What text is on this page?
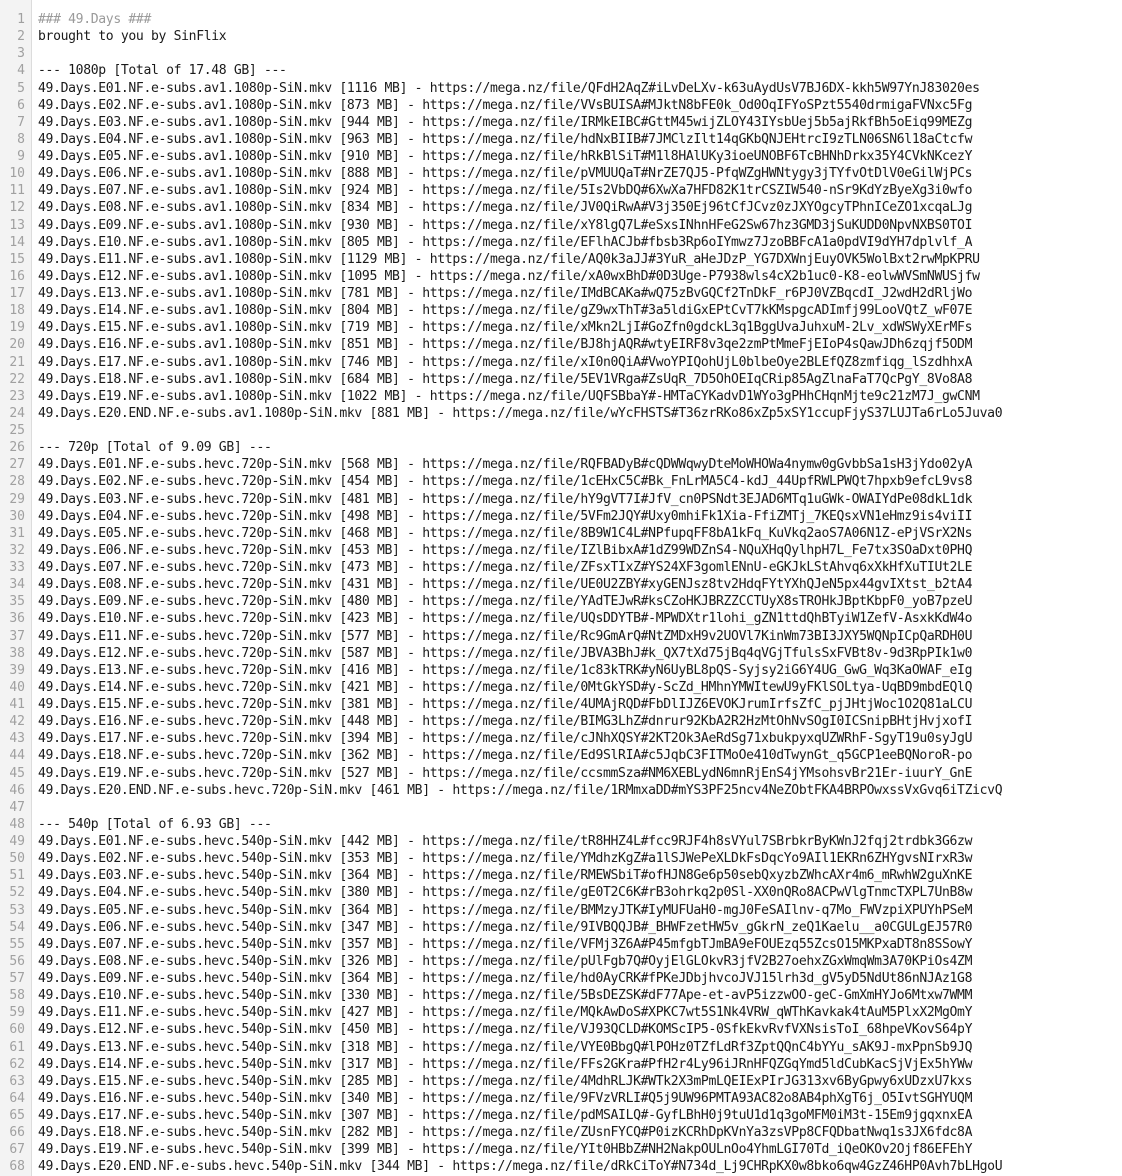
1
2
3
4
5
6
7
8
9
10
11
12
13
14
15
16
17
18
19
20
21
22
23
24
25
26
27
28
29
30
31
32
33
34
35
36
37
38
39
40
41
42
43
44
45
46
47
48
49
50
51
52
53
54
55
56
57
58
59
60
61
62
63
64
65
66
67
68
### 49.Days ###
brought to you by SinFlix
--- 1080p [Total of 17.48 GB] ---
49.Days.E01.NF.e-subs.av1.1080p-SiN.mkv [1116 MB] - https://mega.nz/file/QFdH2AqZ#iLvDeLXv-k63uAydUsV7BJ6DX-kkh5W97YnJ83020es
49.Days.E02.NF.e-subs.av1.1080p-SiN.mkv [873 MB] - https://mega.nz/file/VVsBUISA#MJktN8bFE0k_Od0OqIFYoSPzt5540drmigaFVNxc5Fg
49.Days.E03.NF.e-subs.av1.1080p-SiN.mkv [944 MB] - https://mega.nz/file/IRMkEIBC#GttM45wijZLOY43IYsbUej5b5ajRkfBh5oEiq99MEZg
49.Days.E04.NF.e-subs.av1.1080p-SiN.mkv [963 MB] - https://mega.nz/file/hdNxBIIB#7JMClzIlt14qGKbQNJEHtrcI9zTLN06SN6l18aCtcfw
49.Days.E05.NF.e-subs.av1.1080p-SiN.mkv [910 MB] - https://mega.nz/file/hRkBlSiT#M1l8HAlUKy3ioeUNOBF6TcBHNhDrkx35Y4CVkNKcezY
49.Days.E06.NF.e-subs.av1.1080p-SiN.mkv [888 MB] - https://mega.nz/file/pVMUUQaT#NrZE7QJ5-PfqWZgHWNtygy3jTYfvOtDlV0eGilWjPCs
49.Days.E07.NF.e-subs.av1.1080p-SiN.mkv [924 MB] - https://mega.nz/file/5Is2VbDQ#6XwXa7HFD82K1trCSZIW540-nSr9KdYzByeXg3i0wfo
49.Days.E08.NF.e-subs.av1.1080p-SiN.mkv [834 MB] - https://mega.nz/file/JV0QiRwA#V3j350Ej96tCfJCvz0zJXYOgcyTPhnICeZO1xcqaLJg
49.Days.E09.NF.e-subs.av1.1080p-SiN.mkv [930 MB] - https://mega.nz/file/xY8lgQ7L#eSxsINhnHFeG2Sw67hz3GMD3jSuKUDD0NpvNXBS0TOI
49.Days.E10.NF.e-subs.av1.1080p-SiN.mkv [805 MB] - https://mega.nz/file/EFlhACJb#fbsb3Rp6oIYmwz7JzoBBFcA1a0pdVI9dYH7dplvlf_A
49.Days.E11.NF.e-subs.av1.1080p-SiN.mkv [1129 MB] - https://mega.nz/file/AQ0k3aJJ#3YuR_aHeJDzP_YG7DXWnjEuyOVK5WolBxt2rwMpKPRU
49.Days.E12.NF.e-subs.av1.1080p-SiN.mkv [1095 MB] - https://mega.nz/file/xA0wxBhD#0D3Uge-P7938wls4cX2b1uc0-K8-eolwWVSmNWUSjfw
49.Days.E13.NF.e-subs.av1.1080p-SiN.mkv [781 MB] - https://mega.nz/file/IMdBCAKa#wQ75zBvGQCf2TnDkF_r6PJ0VZBqcdI_J2wdH2dRljWo
49.Days.E14.NF.e-subs.av1.1080p-SiN.mkv [804 MB] - https://mega.nz/file/gZ9wxThT#3a5ldiGxEPtCvT7kKMspgcADImfj99LooVQtZ_wF07E
49.Days.E15.NF.e-subs.av1.1080p-SiN.mkv [719 MB] - https://mega.nz/file/xMkn2LjI#GoZfn0gdckL3q1BggUvaJuhxuM-2Lv_xdWSWyXErMFs
49.Days.E16.NF.e-subs.av1.1080p-SiN.mkv [851 MB] - https://mega.nz/file/BJ8hjAQR#wtyEIRF8v3qe2zmPtMmeFjEIoP4sQawJDh6zqjf5ODM
49.Days.E17.NF.e-subs.av1.1080p-SiN.mkv [746 MB] - https://mega.nz/file/xI0n0QiA#VwoYPIQohUjL0blbeOye2BLEfQZ8zmfiqg_lSzdhhxA
49.Days.E18.NF.e-subs.av1.1080p-SiN.mkv [684 MB] - https://mega.nz/file/5EV1VRga#ZsUqR_7D5OhOEIqCRip85AgZlnaFaT7QcPgY_8Vo8A8
49.Days.E19.NF.e-subs.av1.1080p-SiN.mkv [1022 MB] - https://mega.nz/file/UQFSBbaY#-HMTaCYKadvD1WYo3gPHhCHqnMjte9c21zM7J_gwCNM
49.Days.E20.END.NF.e-subs.av1.1080p-SiN.mkv [881 MB] - https://mega.nz/file/wYcFHSTS#T36zrRKo86xZp5xSY1ccupFjyS37LUJTa6rLo5Juva0
--- 720p [Total of 9.09 GB] ---
49.Days.E01.NF.e-subs.hevc.720p-SiN.mkv [568 MB] - https://mega.nz/file/RQFBADyB#cQDWWqwyDteMoWHOWa4nymw0gGvbbSa1sH3jYdo02yA
49.Days.E02.NF.e-subs.hevc.720p-SiN.mkv [454 MB] - https://mega.nz/file/1cEHxC5C#Bk_FnLrMA5C4-kdJ_44UpfRWLPWQt7hpxb9efcL9vs8
49.Days.E03.NF.e-subs.hevc.720p-SiN.mkv [481 MB] - https://mega.nz/file/hY9gVT7I#JfV_cn0PSNdt3EJAD6MTq1uGWk-OWAIYdPe08dkL1dk
49.Days.E04.NF.e-subs.hevc.720p-SiN.mkv [498 MB] - https://mega.nz/file/5VFm2JQY#Uxy0mhiFk1Xia-FfiZMTj_7KEQsxVN1eHmz9is4viII
49.Days.E05.NF.e-subs.hevc.720p-SiN.mkv [468 MB] - https://mega.nz/file/8B9W1C4L#NPfupqFF8bA1kFq_KuVkq2aoS7A06N1Z-ePjVSrX2Ns
49.Days.E06.NF.e-subs.hevc.720p-SiN.mkv [453 MB] - https://mega.nz/file/IZlBibxA#1dZ99WDZnS4-NQuXHqQylhpH7L_Fe7tx3SOaDxt0PHQ
49.Days.E07.NF.e-subs.hevc.720p-SiN.mkv [473 MB] - https://mega.nz/file/ZFsxTIxZ#YS24XF3gomlENnU-eGKJkLStAhvq6xXkHfXuTIUt2LE
49.Days.E08.NF.e-subs.hevc.720p-SiN.mkv [431 MB] - https://mega.nz/file/UE0U2ZBY#xyGENJsz8tv2HdqFYtYXhQJeN5px44gvIXtst_b2tA4
49.Days.E09.NF.e-subs.hevc.720p-SiN.mkv [480 MB] - https://mega.nz/file/YAdTEJwR#ksCZoHKJBRZZCCTUyX8sTROHkJBptKbpF0_yoB7pzeU
49.Days.E10.NF.e-subs.hevc.720p-SiN.mkv [423 MB] - https://mega.nz/file/UQsDDYTB#-MPWDXtr1lohi_gZN1ttdQhBTyiW1ZefV-AsxkKdW4o
49.Days.E11.NF.e-subs.hevc.720p-SiN.mkv [577 MB] - https://mega.nz/file/Rc9GmArQ#NtZMDxH9v2UOVl7KinWm73BI3JXY5WQNpICpQaRDH0U
49.Days.E12.NF.e-subs.hevc.720p-SiN.mkv [587 MB] - https://mega.nz/file/JBVA3BhJ#k_QX7tXd75jBq4qVGjTfulsSxFVBt8v-9d3RpPIk1w0
49.Days.E13.NF.e-subs.hevc.720p-SiN.mkv [416 MB] - https://mega.nz/file/1c83kTRK#yN6UyBL8pQS-Syjsy2iG6Y4UG_GwG_Wq3KaOWAF_eIg
49.Days.E14.NF.e-subs.hevc.720p-SiN.mkv [421 MB] - https://mega.nz/file/0MtGkYSD#y-ScZd_HMhnYMWItewU9yFKlSOLtya-UqBD9mbdEQlQ
49.Days.E15.NF.e-subs.hevc.720p-SiN.mkv [381 MB] - https://mega.nz/file/4UMAjRQD#FbDlIJZ6EVOKJrumIrfsZfC_pjJHtjWoc1O2Q81aLCU
49.Days.E16.NF.e-subs.hevc.720p-SiN.mkv [448 MB] - https://mega.nz/file/BIMG3LhZ#dnrur92KbA2R2HzMtOhNvSOgI0ICSnipBHtjHvjxofI
49.Days.E17.NF.e-subs.hevc.720p-SiN.mkv [394 MB] - https://mega.nz/file/cJNhXQSY#2KT2Ok3AeRdSg71xbukpyxqUZWRhF-SgyT19u0syJgU
49.Days.E18.NF.e-subs.hevc.720p-SiN.mkv [362 MB] - https://mega.nz/file/Ed9SlRIA#c5JqbC3FITMoOe410dTwynGt_q5GCP1eeBQNoroR-po
49.Days.E19.NF.e-subs.hevc.720p-SiN.mkv [527 MB] - https://mega.nz/file/ccsmmSza#NM6XEBLydN6mnRjEnS4jYMsohsvBr21Er-iuurY_GnE
49.Days.E20.END.NF.e-subs.hevc.720p-SiN.mkv [461 MB] - https://mega.nz/file/1RMmxaDD#mYS3PF25ncv4NeZObtFKA4BRPOwxssVxGvq6iTZicvQ
--- 540p [Total of 6.93 GB] ---
49.Days.E01.NF.e-subs.hevc.540p-SiN.mkv [442 MB] - https://mega.nz/file/tR8HHZ4L#fcc9RJF4h8sVYul7SBrbkrByKWnJ2fqj2trdbk3G6zw
49.Days.E02.NF.e-subs.hevc.540p-SiN.mkv [353 MB] - https://mega.nz/file/YMdhzKgZ#a1lSJWePeXLDkFsDqcYo9AIl1EKRn6ZHYgvsNIrxR3w
49.Days.E03.NF.e-subs.hevc.540p-SiN.mkv [364 MB] - https://mega.nz/file/RMEWSbiT#ofHJN8Ge6p50sebQxyzbZWhcAXr4m6_mRwhW2guXnKE
49.Days.E04.NF.e-subs.hevc.540p-SiN.mkv [380 MB] - https://mega.nz/file/gE0T2C6K#rB3ohrkq2p0Sl-XX0nQRo8ACPwVlgTnmcTXPL7UnB8w
49.Days.E05.NF.e-subs.hevc.540p-SiN.mkv [364 MB] - https://mega.nz/file/BMMzyJTK#IyMUFUaH0-mgJ0FeSAIlnv-q7Mo_FWVzpiXPUYhPSeM
49.Days.E06.NF.e-subs.hevc.540p-SiN.mkv [347 MB] - https://mega.nz/file/9IVBQQJB#_BHWFzetHW5v_gGkrN_zeQ1Kaelu__a0CGULgEJ57R0
49.Days.E07.NF.e-subs.hevc.540p-SiN.mkv [357 MB] - https://mega.nz/file/VFMj3Z6A#P45mfgbTJmBA9eFOUEzq55ZcsO15MKPxaDT8n8SSowY
49.Days.E08.NF.e-subs.hevc.540p-SiN.mkv [326 MB] - https://mega.nz/file/pUlFgb7Q#OyjElGLOkvR3jfV2B27oehxZGxWmqWm3A70KPiOs4ZM
49.Days.E09.NF.e-subs.hevc.540p-SiN.mkv [364 MB] - https://mega.nz/file/hd0AyCRK#fPKeJDbjhvcoJVJ15lrh3d_gV5yD5NdUt86nNJAz1G8
49.Days.E10.NF.e-subs.hevc.540p-SiN.mkv [330 MB] - https://mega.nz/file/5BsDEZSK#dF77Ape-et-avP5izzwOO-geC-GmXmHYJo6Mtxw7WMM
49.Days.E11.NF.e-subs.hevc.540p-SiN.mkv [427 MB] - https://mega.nz/file/MQkAwDoS#XPKC7wt5S1Nk4VRW_qWThKavkak4tAuM5PlxX2MgOmY
49.Days.E12.NF.e-subs.hevc.540p-SiN.mkv [450 MB] - https://mega.nz/file/VJ93QCLD#KOMScIP5-0SfkEkvRvfVXNsisToI_68hpeVKovS64pY
49.Days.E13.NF.e-subs.hevc.540p-SiN.mkv [318 MB] - https://mega.nz/file/VYE0BbgQ#lPOHz0TZfLdRf3ZptQQnC4bYYu_sAK9J-mxPpnSb9JQ
49.Days.E14.NF.e-subs.hevc.540p-SiN.mkv [317 MB] - https://mega.nz/file/FFs2GKra#PfH2r4Ly96iJRnHFQZGqYmd5ldCubKacSjVjEx5hYWw
49.Days.E15.NF.e-subs.hevc.540p-SiN.mkv [285 MB] - https://mega.nz/file/4MdhRLJK#WTk2X3mPmLQEIExPIrJG313xv6ByGpwy6xUDzxU7kxs
49.Days.E16.NF.e-subs.hevc.540p-SiN.mkv [340 MB] - https://mega.nz/file/9FVzVRLI#Q5j9UW96PMTA93AC82o8AB4phXgT6j_O5IvtSGHYUQM
49.Days.E17.NF.e-subs.hevc.540p-SiN.mkv [307 MB] - https://mega.nz/file/pdMSAILQ#-GyfLBhH0j9tuU1d1q3goMFM0iM3t-15Em9jgqxnxEA
49.Days.E18.NF.e-subs.hevc.540p-SiN.mkv [282 MB] - https://mega.nz/file/ZUsnFYCQ#P0izKCRhDpKVnYa3zsVPp8CFQDbatNwq1s3JX6fdc8A
49.Days.E19.NF.e-subs.hevc.540p-SiN.mkv [399 MB] - https://mega.nz/file/YIt0HBbZ#NH2NakpOULnOo4YhmLGI70Td_iQeOKOv2Ojf86EFEhY
49.Days.E20.END.NF.e-subs.hevc.540p-SiN.mkv [344 MB] - https://mega.nz/file/dRkCiToY#N734d_Lj9CHRpKX0w8bko6qw4GzZ46HP0Avh7bLHgoU
